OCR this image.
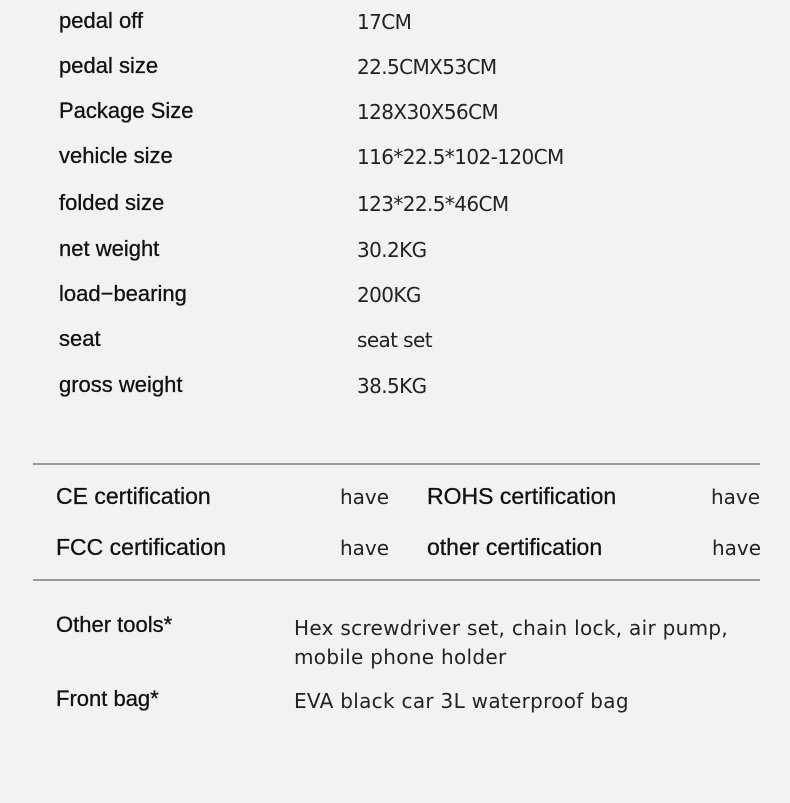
pedal off	17CM
pedal size	22.5CMX53CM
Package Size	128X30X56CM
vehicle size	116*22.5*102-120CM
folded size	123*22.5*46CM
net weight	30.2KG
load−bearing	200KG
seat	seat set
gross weight	38.5KG
CE certification	have ROHS certification	have
FCC certification	have other certification	have
Other tools*	Hex screwdriver set, chain lock, air pump, mobile phone holder
Front bag*	EVA black car 3L waterproof bag
